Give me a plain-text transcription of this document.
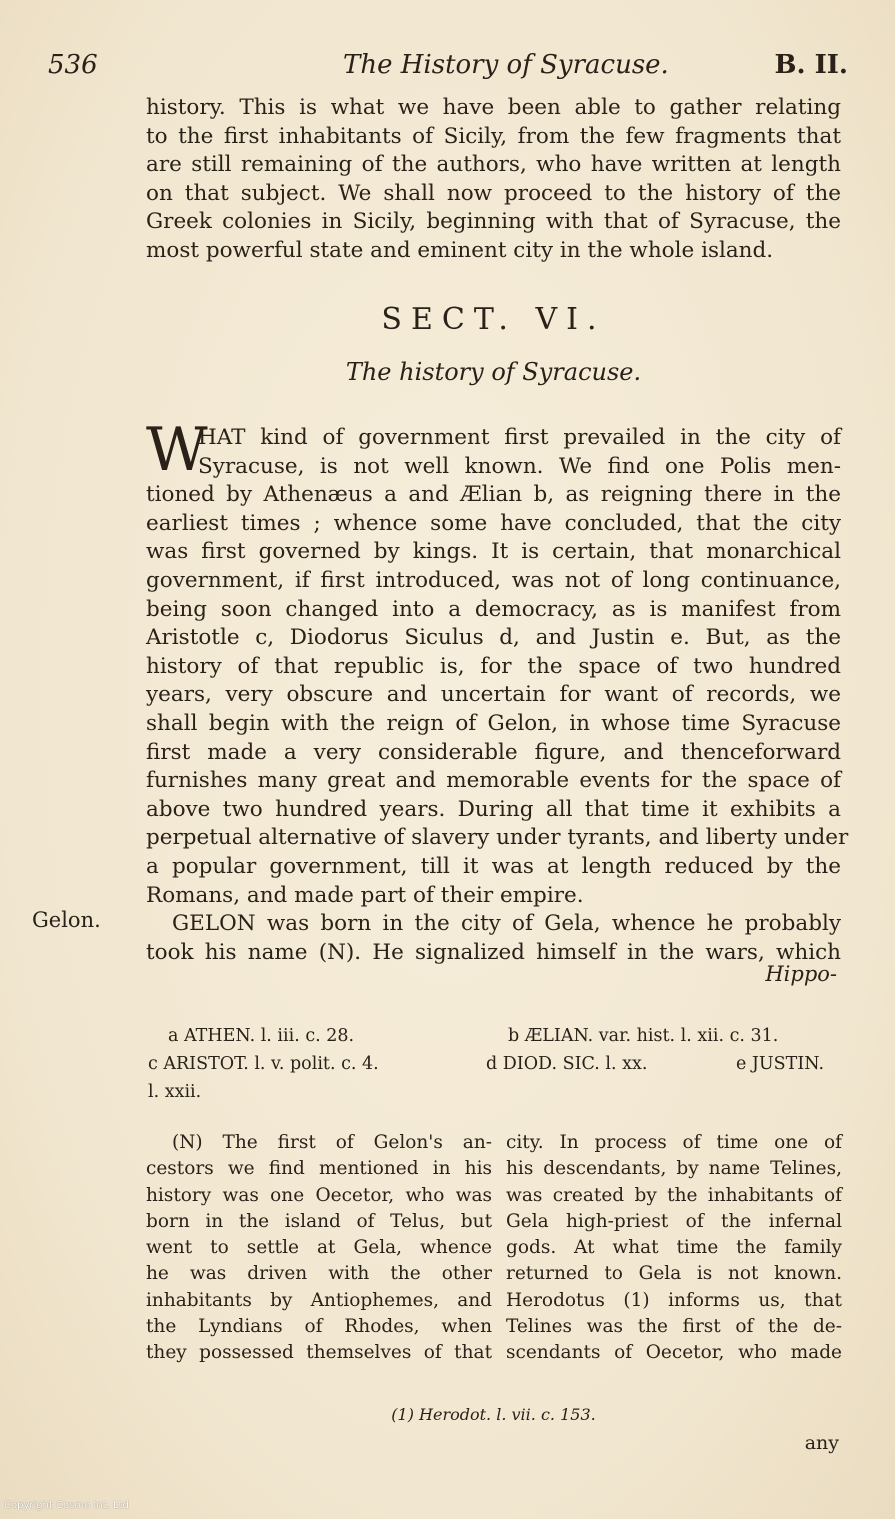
536	The History of Syracuse.	B. II.
history. This is what we have been able to gather relating
to the first inhabitants of Sicily, from the few fragments that
are still remaining of the authors, who have written at length
on that subject. We shall now proceed to the history of the
Greek colonies in Sicily, beginning with that of Syracuse, the
most powerful state and eminent city in the whole island.
SECT. VI.
The history of Syracuse.
W
HAT kind of government first prevailed in the city of
Syracuse, is not well known. We find one Polis men-
tioned by Athenæus a and Ælian b, as reigning there in the
earliest times ; whence some have concluded, that the city
was first governed by kings. It is certain, that monarchical
government, if first introduced, was not of long continuance,
being soon changed into a democracy, as is manifest from
Aristotle c, Diodorus Siculus d, and Justin e. But, as the
history of that republic is, for the space of two hundred
years, very obscure and uncertain for want of records, we
shall begin with the reign of Gelon, in whose time Syracuse
first made a very considerable figure, and thenceforward
furnishes many great and memorable events for the space of
above two hundred years. During all that time it exhibits a
perpetual alternative of slavery under tyrants, and liberty under
a popular government, till it was at length reduced by the
Romans, and made part of their empire.
GELON was born in the city of Gela, whence he probably
took his name (N). He signalized himself in the wars, which
Gelon.
Hippo-
a ATHEN. l. iii. c. 28.	b ÆLIAN. var. hist. l. xii. c. 31.
c ARISTOT. l. v. polit. c. 4.	d DIOD. SIC. l. xx.	e JUSTIN.
l. xxii.
(N) The first of Gelon's an-
cestors we find mentioned in his
history was one Oecetor, who was
born in the island of Telus, but
went to settle at Gela, whence
he was driven with the other
inhabitants by Antiophemes, and
the Lyndians of Rhodes, when
they possessed themselves of that
city. In process of time one of
his descendants, by name Telines,
was created by the inhabitants of
Gela high-priest of the infernal
gods. At what time the family
returned to Gela is not known.
Herodotus (1) informs us, that
Telines was the first of the de-
scendants of Oecetor, who made
(1) Herodot. l. vii. c. 153.
any
Copyright Cosmo Int. Ltd
